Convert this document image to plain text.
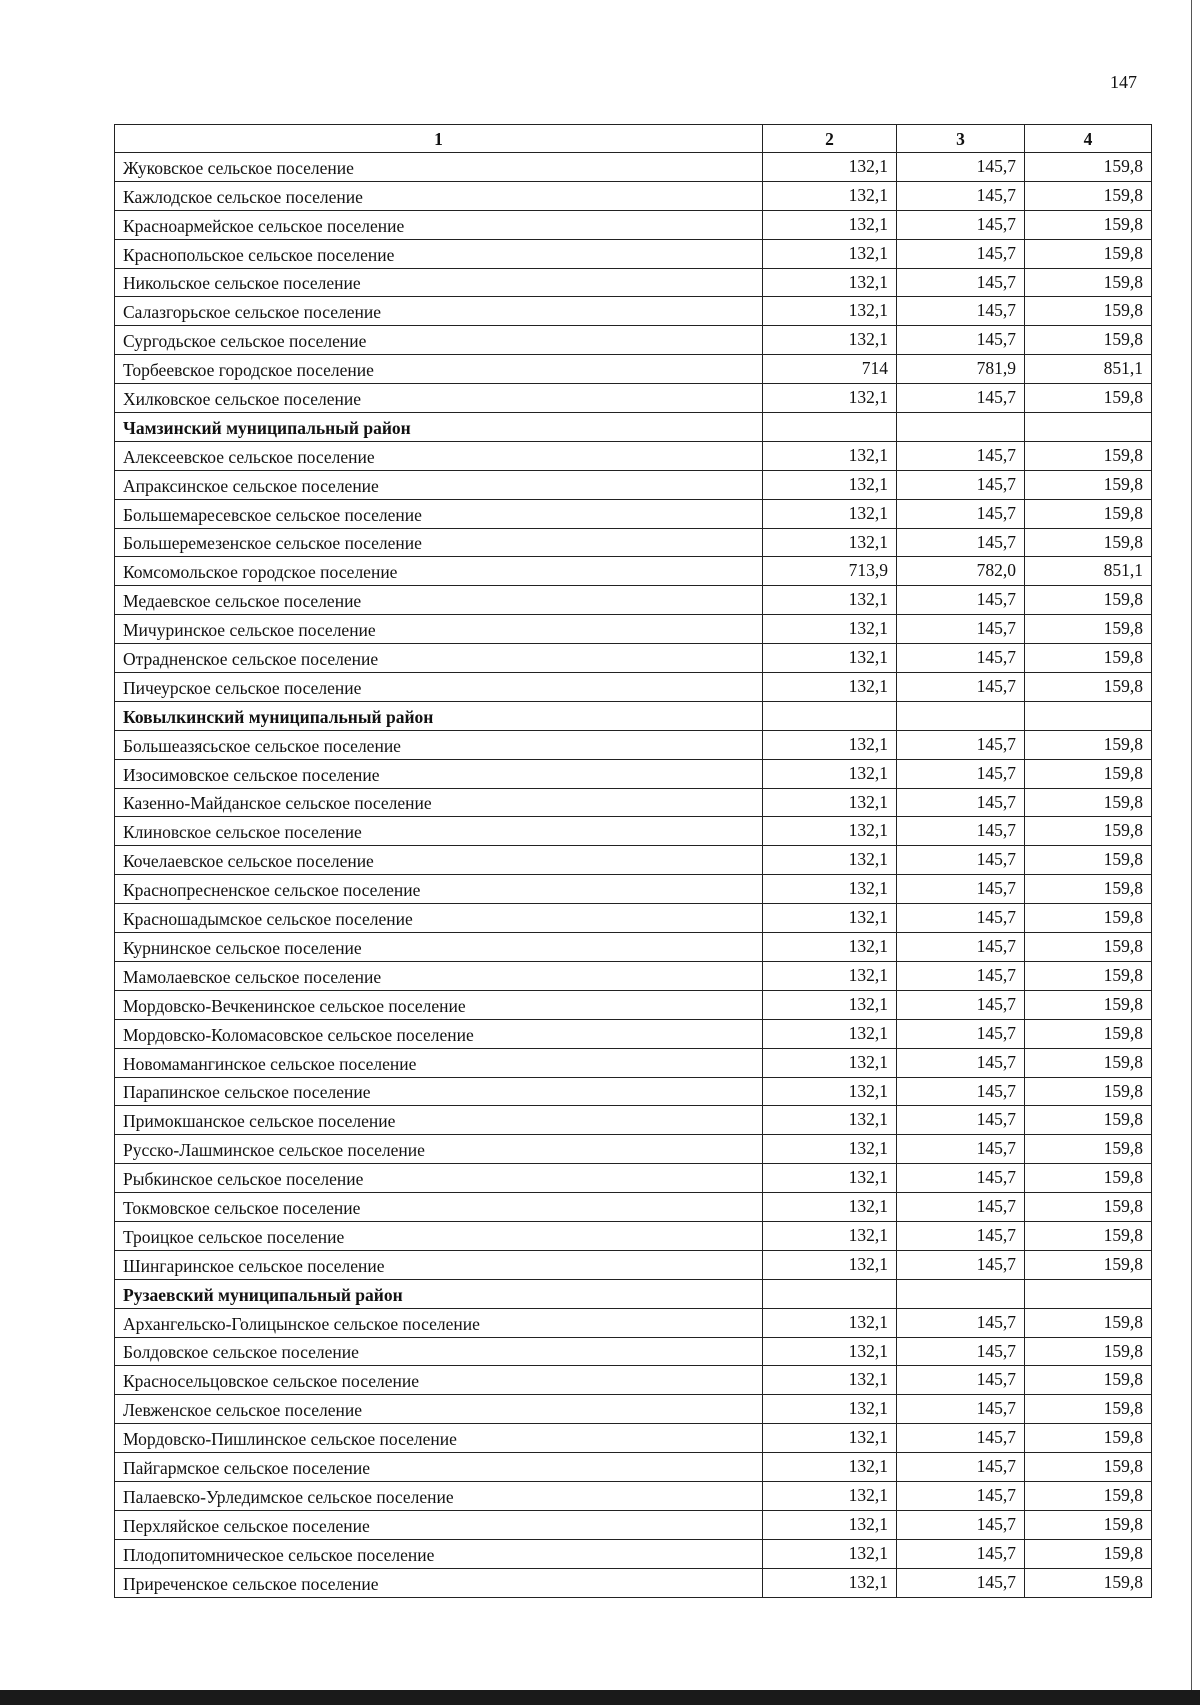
147
1	2	3	4
Жуковское сельское поселение	132,1	145,7	159,8
Кажлодское сельское поселение	132,1	145,7	159,8
Красноармейское сельское поселение	132,1	145,7	159,8
Краснопольское сельское поселение	132,1	145,7	159,8
Никольское сельское поселение	132,1	145,7	159,8
Салазгорьское сельское поселение	132,1	145,7	159,8
Сургодьское сельское поселение	132,1	145,7	159,8
Торбеевское городское поселение	714	781,9	851,1
Хилковское сельское поселение	132,1	145,7	159,8
Чамзинский муниципальный район			
Алексеевское сельское поселение	132,1	145,7	159,8
Апраксинское сельское поселение	132,1	145,7	159,8
Большемаресевское сельское поселение	132,1	145,7	159,8
Большеремезенское сельское поселение	132,1	145,7	159,8
Комсомольское городское поселение	713,9	782,0	851,1
Медаевское сельское поселение	132,1	145,7	159,8
Мичуринское сельское поселение	132,1	145,7	159,8
Отрадненское сельское поселение	132,1	145,7	159,8
Пичеурское сельское поселение	132,1	145,7	159,8
Ковылкинский муниципальный район			
Большеазясьское сельское поселение	132,1	145,7	159,8
Изосимовское сельское поселение	132,1	145,7	159,8
Казенно-Майданское сельское поселение	132,1	145,7	159,8
Клиновское сельское поселение	132,1	145,7	159,8
Кочелаевское сельское поселение	132,1	145,7	159,8
Краснопресненское сельское поселение	132,1	145,7	159,8
Красношадымское сельское поселение	132,1	145,7	159,8
Курнинское сельское поселение	132,1	145,7	159,8
Мамолаевское сельское поселение	132,1	145,7	159,8
Мордовско-Вечкенинское сельское поселение	132,1	145,7	159,8
Мордовско-Коломасовское сельское поселение	132,1	145,7	159,8
Новомамангинское сельское поселение	132,1	145,7	159,8
Парапинское сельское поселение	132,1	145,7	159,8
Примокшанское сельское поселение	132,1	145,7	159,8
Русско-Лашминское сельское поселение	132,1	145,7	159,8
Рыбкинское сельское поселение	132,1	145,7	159,8
Токмовское сельское поселение	132,1	145,7	159,8
Троицкое сельское поселение	132,1	145,7	159,8
Шингаринское сельское поселение	132,1	145,7	159,8
Рузаевский муниципальный район			
Архангельско-Голицынское сельское поселение	132,1	145,7	159,8
Болдовское сельское поселение	132,1	145,7	159,8
Красносельцовское сельское поселение	132,1	145,7	159,8
Левженское сельское поселение	132,1	145,7	159,8
Мордовско-Пишлинское сельское поселение	132,1	145,7	159,8
Пайгармское сельское поселение	132,1	145,7	159,8
Палаевско-Урледимское сельское поселение	132,1	145,7	159,8
Перхляйское сельское поселение	132,1	145,7	159,8
Плодопитомническое сельское поселение	132,1	145,7	159,8
Приреченское сельское поселение	132,1	145,7	159,8
